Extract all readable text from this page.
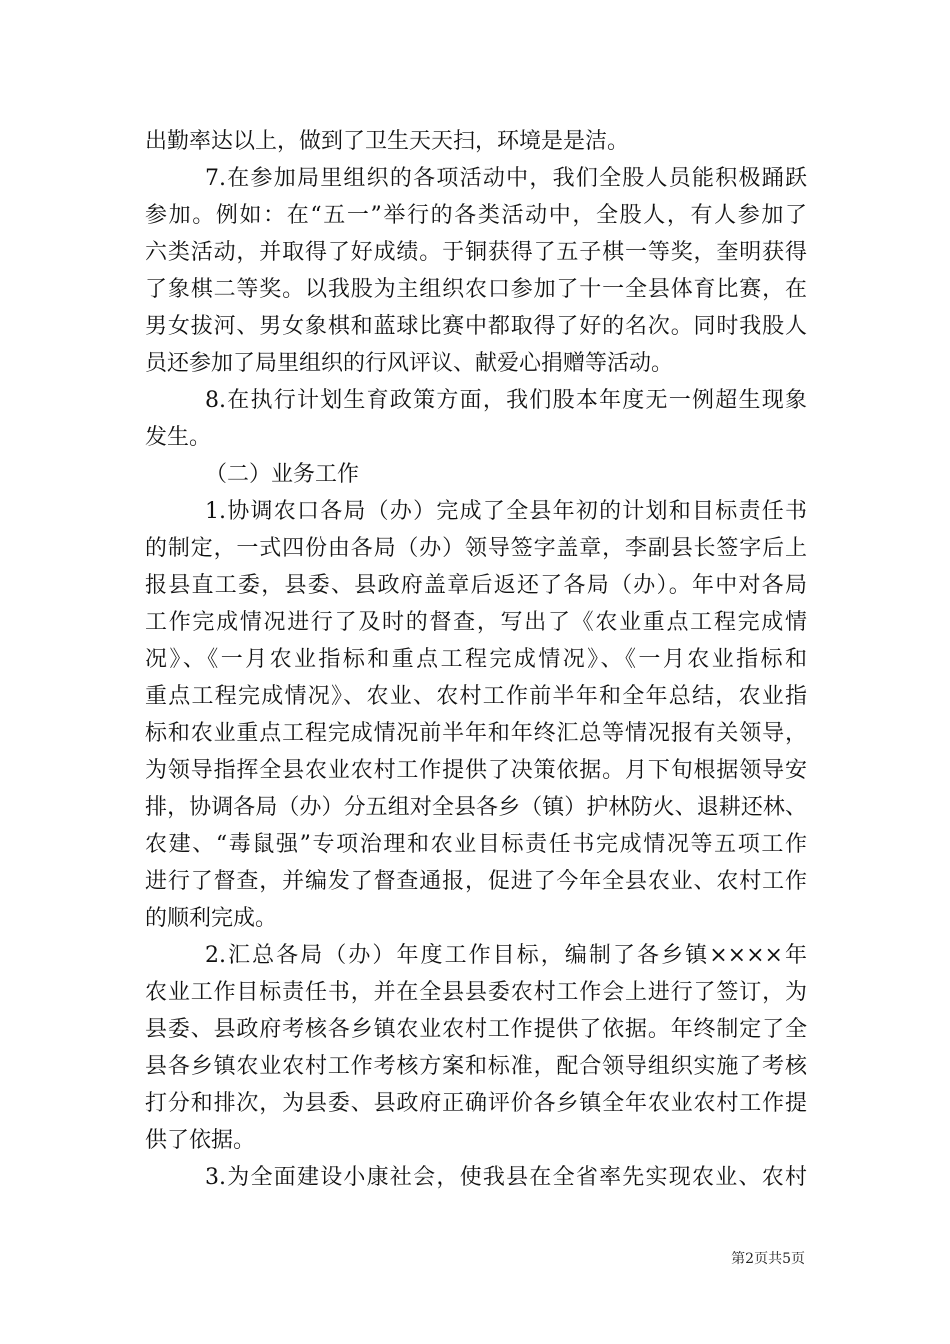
出勤率达以上，做到了卫生天天扫，环境是是洁。
7.在参加局里组织的各项活动中，我们全股人员能积极踊跃
参加。例如：在“五一”举行的各类活动中，全股人，有人参加了
六类活动，并取得了好成绩。于铜获得了五子棋一等奖，奎明获得
了象棋二等奖。以我股为主组织农口参加了十一全县体育比赛，在
男女拔河、男女象棋和蓝球比赛中都取得了好的名次。同时我股人
员还参加了局里组织的行风评议、献爱心捐赠等活动。
8.在执行计划生育政策方面，我们股本年度无一例超生现象
发生。
（二）业务工作
1.协调农口各局（办）完成了全县年初的计划和目标责任书
的制定，一式四份由各局（办）领导签字盖章，李副县长签字后上
报县直工委，县委、县政府盖章后返还了各局（办）。年中对各局
工作完成情况进行了及时的督查，写出了《农业重点工程完成情
况》、《一月农业指标和重点工程完成情况》、《一月农业指标和
重点工程完成情况》、农业、农村工作前半年和全年总结，农业指
标和农业重点工程完成情况前半年和年终汇总等情况报有关领导，
为领导指挥全县农业农村工作提供了决策依据。月下旬根据领导安
排，协调各局（办）分五组对全县各乡（镇）护林防火、退耕还林、
农建、“毒鼠强”专项治理和农业目标责任书完成情况等五项工作
进行了督查，并编发了督查通报，促进了今年全县农业、农村工作
的顺利完成。
2.汇总各局（办）年度工作目标，编制了各乡镇××××年
农业工作目标责任书，并在全县县委农村工作会上进行了签订，为
县委、县政府考核各乡镇农业农村工作提供了依据。年终制定了全
县各乡镇农业农村工作考核方案和标准，配合领导组织实施了考核
打分和排次，为县委、县政府正确评价各乡镇全年农业农村工作提
供了依据。
3.为全面建设小康社会，使我县在全省率先实现农业、农村
第2页共5页
